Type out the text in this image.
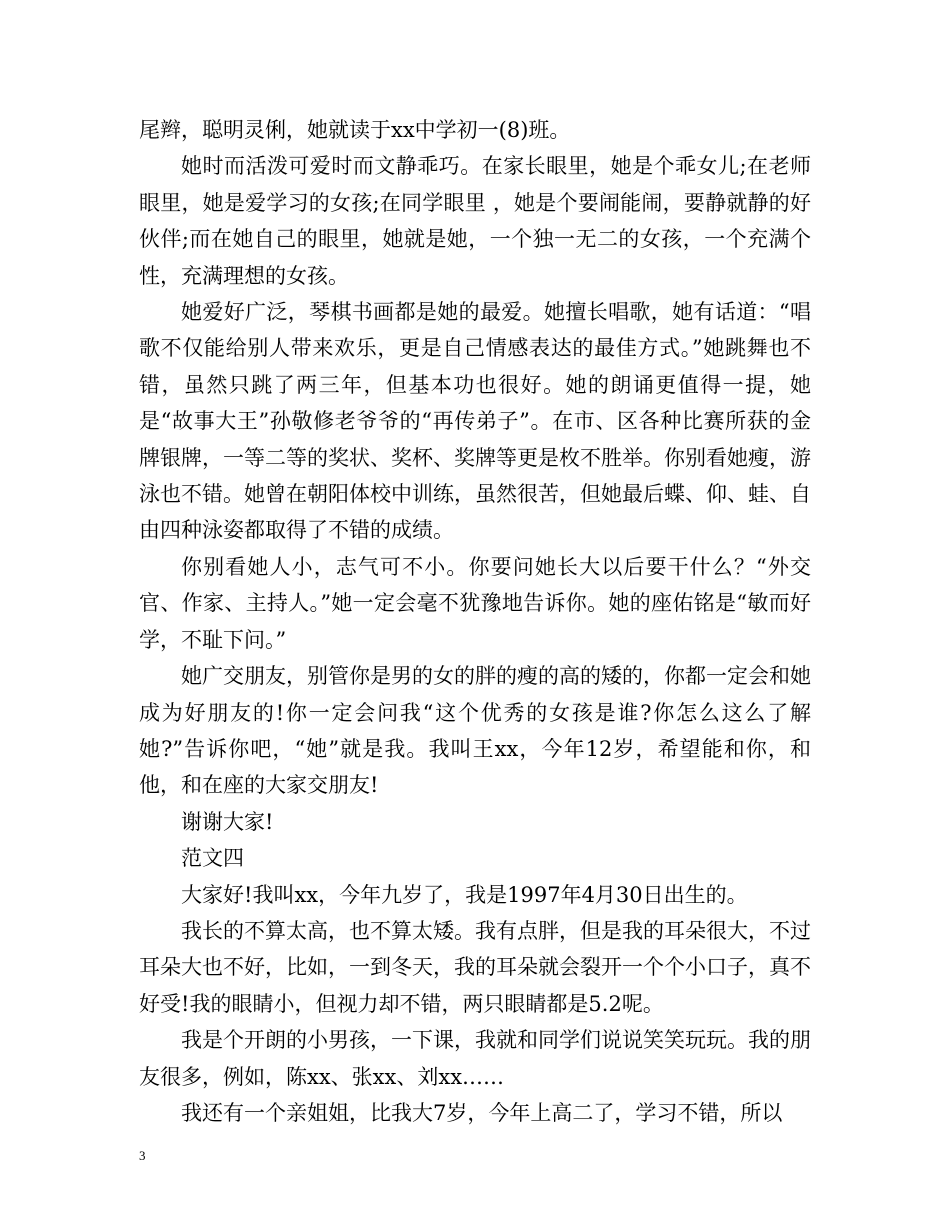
尾辫，聪明灵俐，她就读于xx中学初一(8)班。

她时而活泼可爱时而文静乖巧。在家长眼里，她是个乖女儿;在老师眼里，她是爱学习的女孩;在同学眼里 ，她是个要闹能闹，要静就静的好伙伴;而在她自己的眼里，她就是她，一个独一无二的女孩，一个充满个性，充满理想的女孩。

她爱好广泛，琴棋书画都是她的最爱。她擅长唱歌，她有话道：“唱歌不仅能给别人带来欢乐，更是自己情感表达的最佳方式。”她跳舞也不错，虽然只跳了两三年，但基本功也很好。她的朗诵更值得一提，她是“故事大王”孙敬修老爷爷的“再传弟子”。在市、区各种比赛所获的金牌银牌，一等二等的奖状、奖杯、奖牌等更是枚不胜举。你别看她瘦，游泳也不错。她曾在朝阳体校中训练，虽然很苦，但她最后蝶、仰、蛙、自由四种泳姿都取得了不错的成绩。

你别看她人小，志气可不小。你要问她长大以后要干什么？“外交官、作家、主持人。”她一定会毫不犹豫地告诉你。她的座佑铭是“敏而好学，不耻下问。”

她广交朋友，别管你是男的女的胖的瘦的高的矮的，你都一定会和她成为好朋友的!你一定会问我“这个优秀的女孩是谁?你怎么这么了解她?”告诉你吧，“她”就是我。我叫王xx，今年12岁，希望能和你，和他，和在座的大家交朋友!

谢谢大家!

范文四

大家好!我叫xx，今年九岁了，我是1997年4月30日出生的。

我长的不算太高，也不算太矮。我有点胖，但是我的耳朵很大，不过耳朵大也不好，比如，一到冬天，我的耳朵就会裂开一个个小口子，真不好受!我的眼睛小，但视力却不错，两只眼睛都是5.2呢。

我是个开朗的小男孩，一下课，我就和同学们说说笑笑玩玩。我的朋友很多，例如，陈xx、张xx、刘xx……

我还有一个亲姐姐，比我大7岁，今年上高二了，学习不错，所以

3
